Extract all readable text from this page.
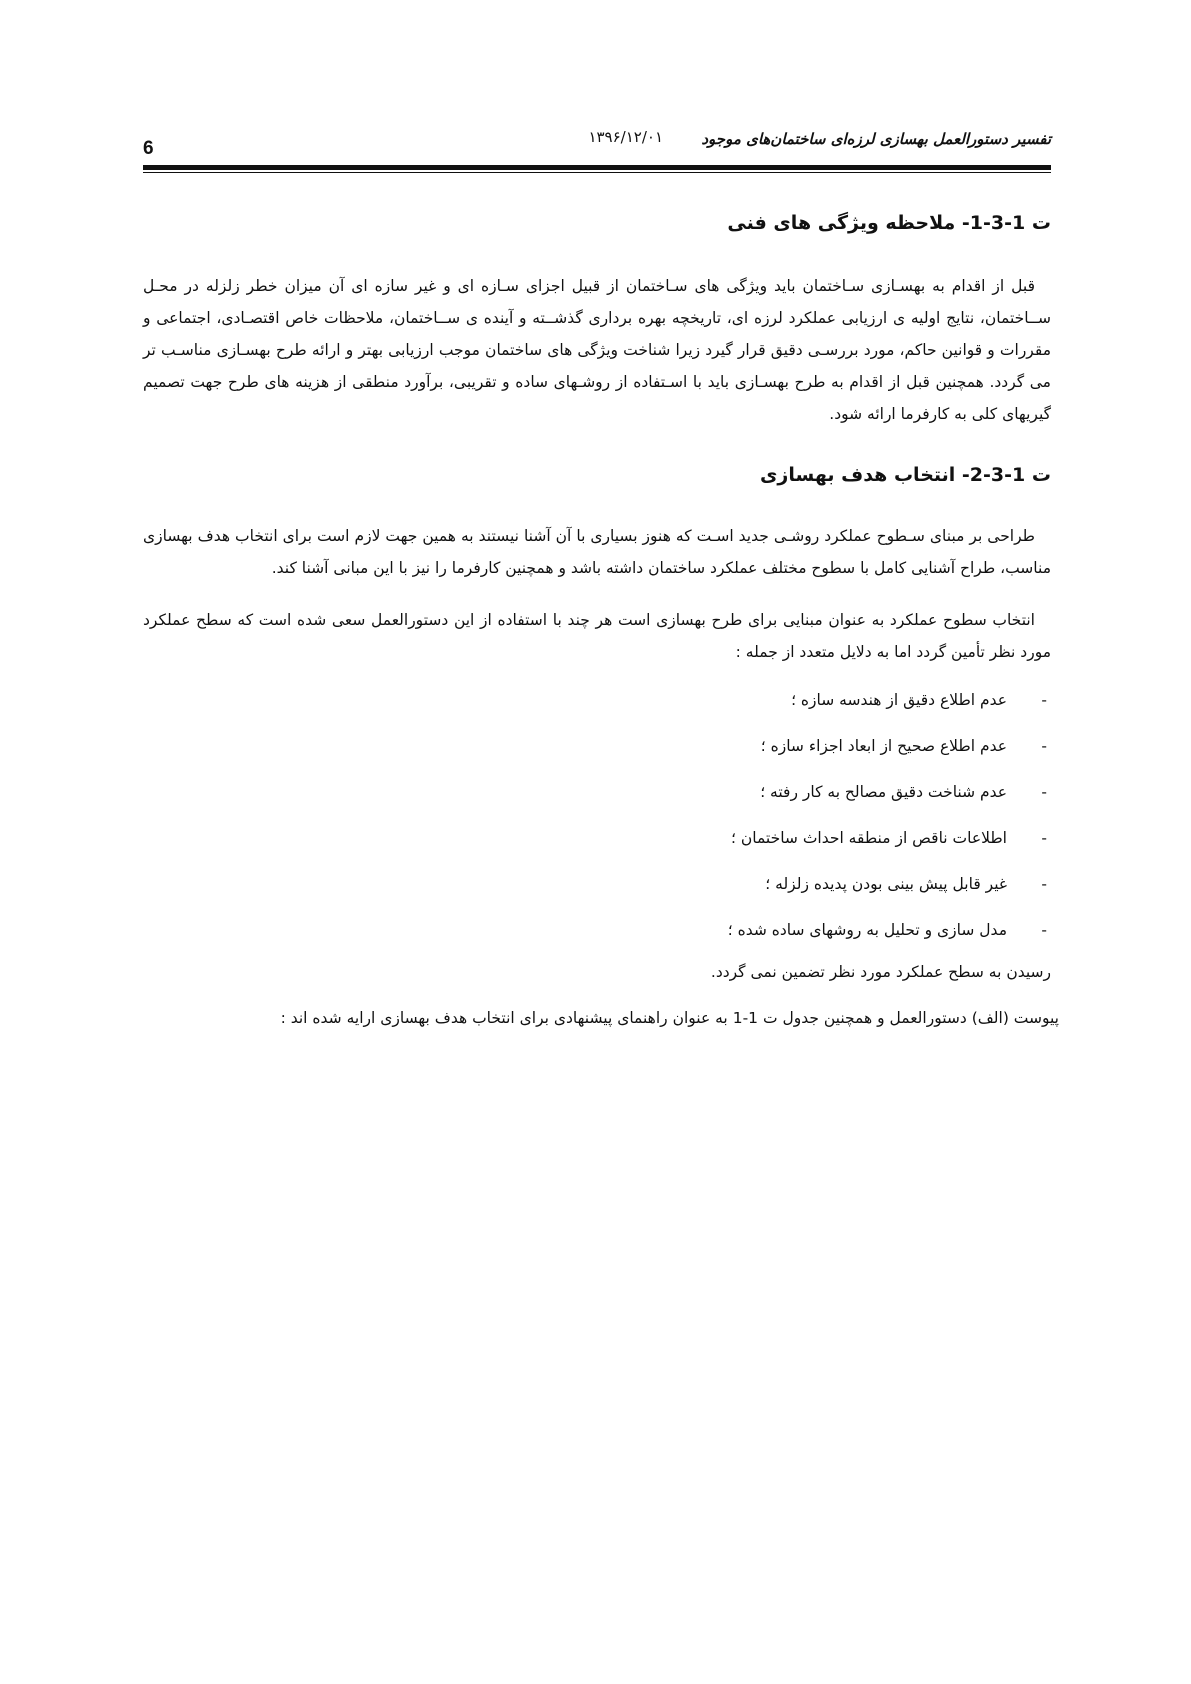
6
۱۳۹۶/۱۲/۰۱	تفسیر دستورالعمل بهسازی لرزه‌ای ساختمان‌های موجود
ت 1-3-1- ملاحظه ویژگی های فنی

قبل از اقدام به بهسـازی سـاختمان باید ویژگی های سـاختمان از قبیل اجزای سـازه ای و غیر سازه ای آن میزان خطر زلزله در محـل ســاختمان، نتایج اولیه ی ارزیابی عملکرد لرزه ای، تاریخچه بهره برداری گذشــته و آینده ی ســاختمان، ملاحظات خاص اقتصـادی، اجتماعی و مقررات و قوانین حاکم، مورد بررسـی دقیق قرار گیرد زیرا شناخت ویژگی های ساختمان موجب ارزیابی بهتر و ارائه طرح بهسـازی مناسـب تر می گردد. همچنین قبل از اقدام به طرح بهسـازی باید با اسـتفاده از روشـهای ساده و تقریبی، برآورد منطقی از هزینه های طرح جهت تصمیم گیریهای کلی به کارفرما ارائه شود.

ت 1-3-2- انتخاب هدف بهسازی

طراحی بر مبنای سـطوح عملکرد روشـی جدید اسـت که هنوز بسیاری با آن آشنا نیستند به همین جهت لازم است برای انتخاب هدف بهسازی مناسب، طراح آشنایی کامل با سطوح مختلف عملکرد ساختمان داشته باشد و همچنین کارفرما را نیز با این مبانی آشنا کند.

انتخاب سطوح عملکرد به عنوان مبنایی برای طرح بهسازی است هر چند با استفاده از این دستورالعمل سعی شده است که سطح عملکرد مورد نظر تأمین گردد اما به دلایل متعدد از جمله :

-
عدم اطلاع دقیق از هندسه سازه ؛
-
عدم اطلاع صحیح از ابعاد اجزاء سازه ؛
-
عدم شناخت دقیق مصالح به کار رفته ؛
-
اطلاعات ناقص از منطقه احداث ساختمان ؛
-
غیر قابل پیش بینی بودن پدیده زلزله ؛
-
مدل سازی و تحلیل به روشهای ساده شده ؛

رسیدن به سطح عملکرد مورد نظر تضمین نمی گردد.

پیوست (الف) دستورالعمل و همچنین جدول ت 1-1 به عنوان راهنمای پیشنهادی برای انتخاب هدف بهسازی ارایه شده اند :
